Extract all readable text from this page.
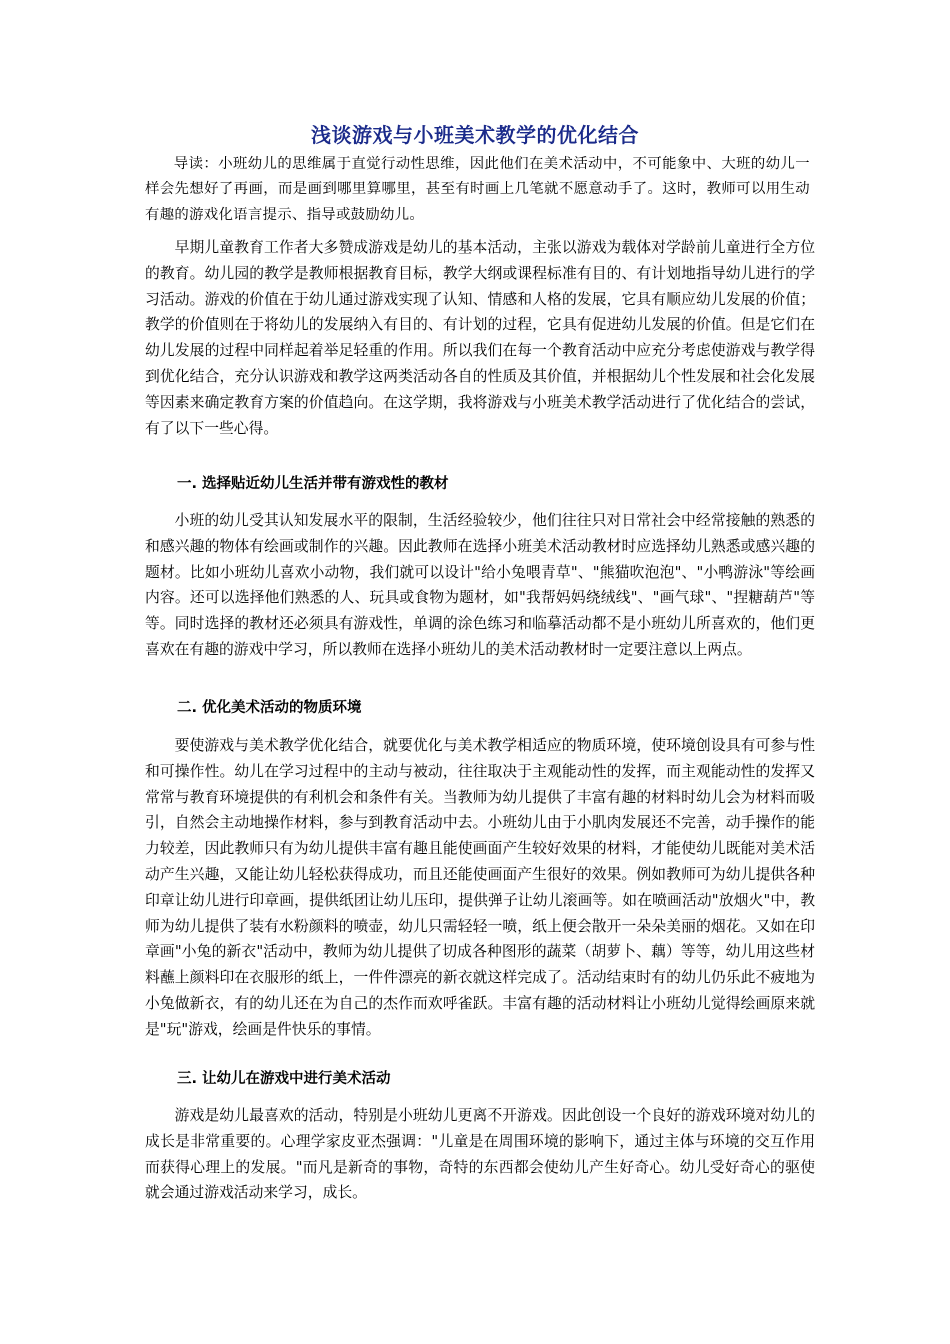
浅谈游戏与小班美术教学的优化结合
导读：小班幼儿的思维属于直觉行动性思维，因此他们在美术活动中，不可能象中、大班的幼儿一样会先想好了再画，而是画到哪里算哪里，甚至有时画上几笔就不愿意动手了。这时，教师可以用生动有趣的游戏化语言提示、指导或鼓励幼儿。
早期儿童教育工作者大多赞成游戏是幼儿的基本活动，主张以游戏为载体对学龄前儿童进行全方位的教育。幼儿园的教学是教师根据教育目标，教学大纲或课程标准有目的、有计划地指导幼儿进行的学习活动。游戏的价值在于幼儿通过游戏实现了认知、情感和人格的发展，它具有顺应幼儿发展的价值；教学的价值则在于将幼儿的发展纳入有目的、有计划的过程，它具有促进幼儿发展的价值。但是它们在幼儿发展的过程中同样起着举足轻重的作用。所以我们在每一个教育活动中应充分考虑使游戏与教学得到优化结合，充分认识游戏和教学这两类活动各自的性质及其价值，并根据幼儿个性发展和社会化发展等因素来确定教育方案的价值趋向。在这学期，我将游戏与小班美术教学活动进行了优化结合的尝试，有了以下一些心得。
一. 选择贴近幼儿生活并带有游戏性的教材
小班的幼儿受其认知发展水平的限制，生活经验较少，他们往往只对日常社会中经常接触的熟悉的和感兴趣的物体有绘画或制作的兴趣。因此教师在选择小班美术活动教材时应选择幼儿熟悉或感兴趣的题材。比如小班幼儿喜欢小动物，我们就可以设计"给小兔喂青草"、"熊猫吹泡泡"、"小鸭游泳"等绘画内容。还可以选择他们熟悉的人、玩具或食物为题材，如"我帮妈妈绕绒线"、"画气球"、"捏糖葫芦"等等。同时选择的教材还必须具有游戏性，单调的涂色练习和临摹活动都不是小班幼儿所喜欢的，他们更喜欢在有趣的游戏中学习，所以教师在选择小班幼儿的美术活动教材时一定要注意以上两点。
二. 优化美术活动的物质环境
要使游戏与美术教学优化结合，就要优化与美术教学相适应的物质环境，使环境创设具有可参与性和可操作性。幼儿在学习过程中的主动与被动，往往取决于主观能动性的发挥，而主观能动性的发挥又常常与教育环境提供的有利机会和条件有关。当教师为幼儿提供了丰富有趣的材料时幼儿会为材料而吸引，自然会主动地操作材料，参与到教育活动中去。小班幼儿由于小肌肉发展还不完善，动手操作的能力较差，因此教师只有为幼儿提供丰富有趣且能使画面产生较好效果的材料，才能使幼儿既能对美术活动产生兴趣，又能让幼儿轻松获得成功，而且还能使画面产生很好的效果。例如教师可为幼儿提供各种印章让幼儿进行印章画，提供纸团让幼儿压印，提供弹子让幼儿滚画等。如在喷画活动"放烟火"中，教师为幼儿提供了装有水粉颜料的喷壶，幼儿只需轻轻一喷，纸上便会散开一朵朵美丽的烟花。又如在印章画"小兔的新衣"活动中，教师为幼儿提供了切成各种图形的蔬菜（胡萝卜、藕）等等，幼儿用这些材料蘸上颜料印在衣服形的纸上，一件件漂亮的新衣就这样完成了。活动结束时有的幼儿仍乐此不疲地为小兔做新衣，有的幼儿还在为自己的杰作而欢呼雀跃。丰富有趣的活动材料让小班幼儿觉得绘画原来就是"玩"游戏，绘画是件快乐的事情。
三. 让幼儿在游戏中进行美术活动
游戏是幼儿最喜欢的活动，特别是小班幼儿更离不开游戏。因此创设一个良好的游戏环境对幼儿的成长是非常重要的。心理学家皮亚杰强调："儿童是在周围环境的影响下，通过主体与环境的交互作用而获得心理上的发展。"而凡是新奇的事物，奇特的东西都会使幼儿产生好奇心。幼儿受好奇心的驱使就会通过游戏活动来学习，成长。
